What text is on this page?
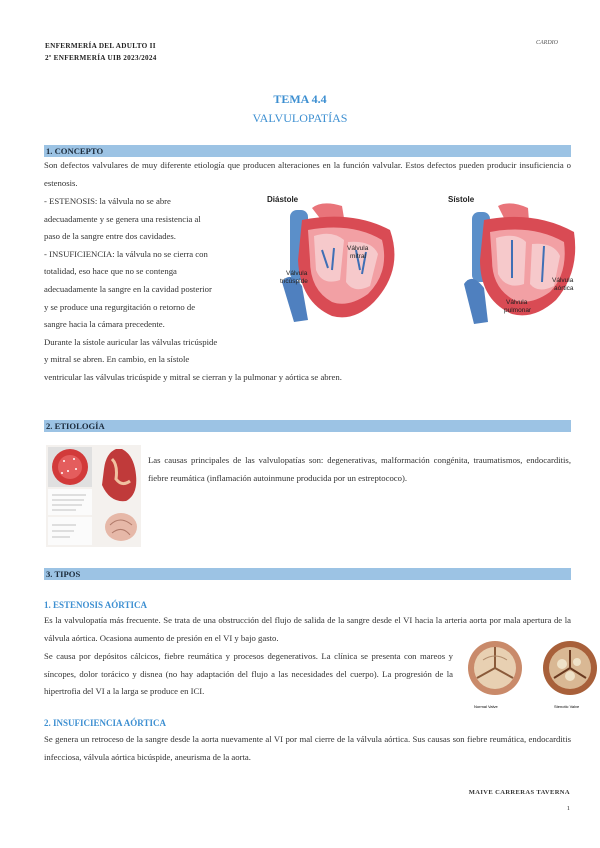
ENFERMERÍA DEL ADULTO II
2º ENFERMERÍA UIB 2023/2024
CARDIO
TEMA 4.4
VALVULOPATÍAS
1. CONCEPTO
Son defectos valvulares de muy diferente etiología que producen alteraciones en la función valvular. Estos defectos pueden producir insuficiencia o estenosis.
- ESTENOSIS: la válvula no se abre
adecuadamente y se genera una resistencia al
paso de la sangre entre dos cavidades.
- INSUFICIENCIA: la válvula no se cierra con
totalidad, eso hace que no se contenga
adecuadamente la sangre en la cavidad posterior
y se produce una regurgitación o retorno de
sangre hacia la cámara precedente.
Durante la sístole auricular las válvulas tricúspide
y mitral se abren. En cambio, en la sístole
ventricular las válvulas tricúspide y mitral se cierran y la pulmonar y aórtica se abren.
Diástole	Sístole
Válvula mitral
Válvula tricúspide	Válvula aórtica
Válvula pulmonar
2. ETIOLOGÍA
Las causas principales de las valvulopatías son: degenerativas, malformación congénita, traumatismos, endocarditis, fiebre reumática (inflamación autoinmune producida por un estreptococo).
3. TIPOS
1. ESTENOSIS AÓRTICA
Es la valvulopatía más frecuente. Se trata de una obstrucción del flujo de salida de la sangre desde el VI hacia la arteria aorta por mala apertura de la válvula aórtica. Ocasiona aumento de presión en el VI y bajo gasto.
Se causa por depósitos cálcicos, fiebre reumática y procesos degenerativos. La clínica se presenta con mareos y síncopes, dolor torácico y disnea (no hay adaptación del flujo a las necesidades del cuerpo). La progresión de la hipertrofia del VI a la larga se produce en ICI.
Normal Valve	Stenotic Valve
2. INSUFICIENCIA AÓRTICA
Se genera un retroceso de la sangre desde la aorta nuevamente al VI por mal cierre de la válvula aórtica. Sus causas son fiebre reumática, endocarditis infecciosa, válvula aórtica bicúspide, aneurisma de la aorta.
MAIVE CARRERAS TAVERNA
1
